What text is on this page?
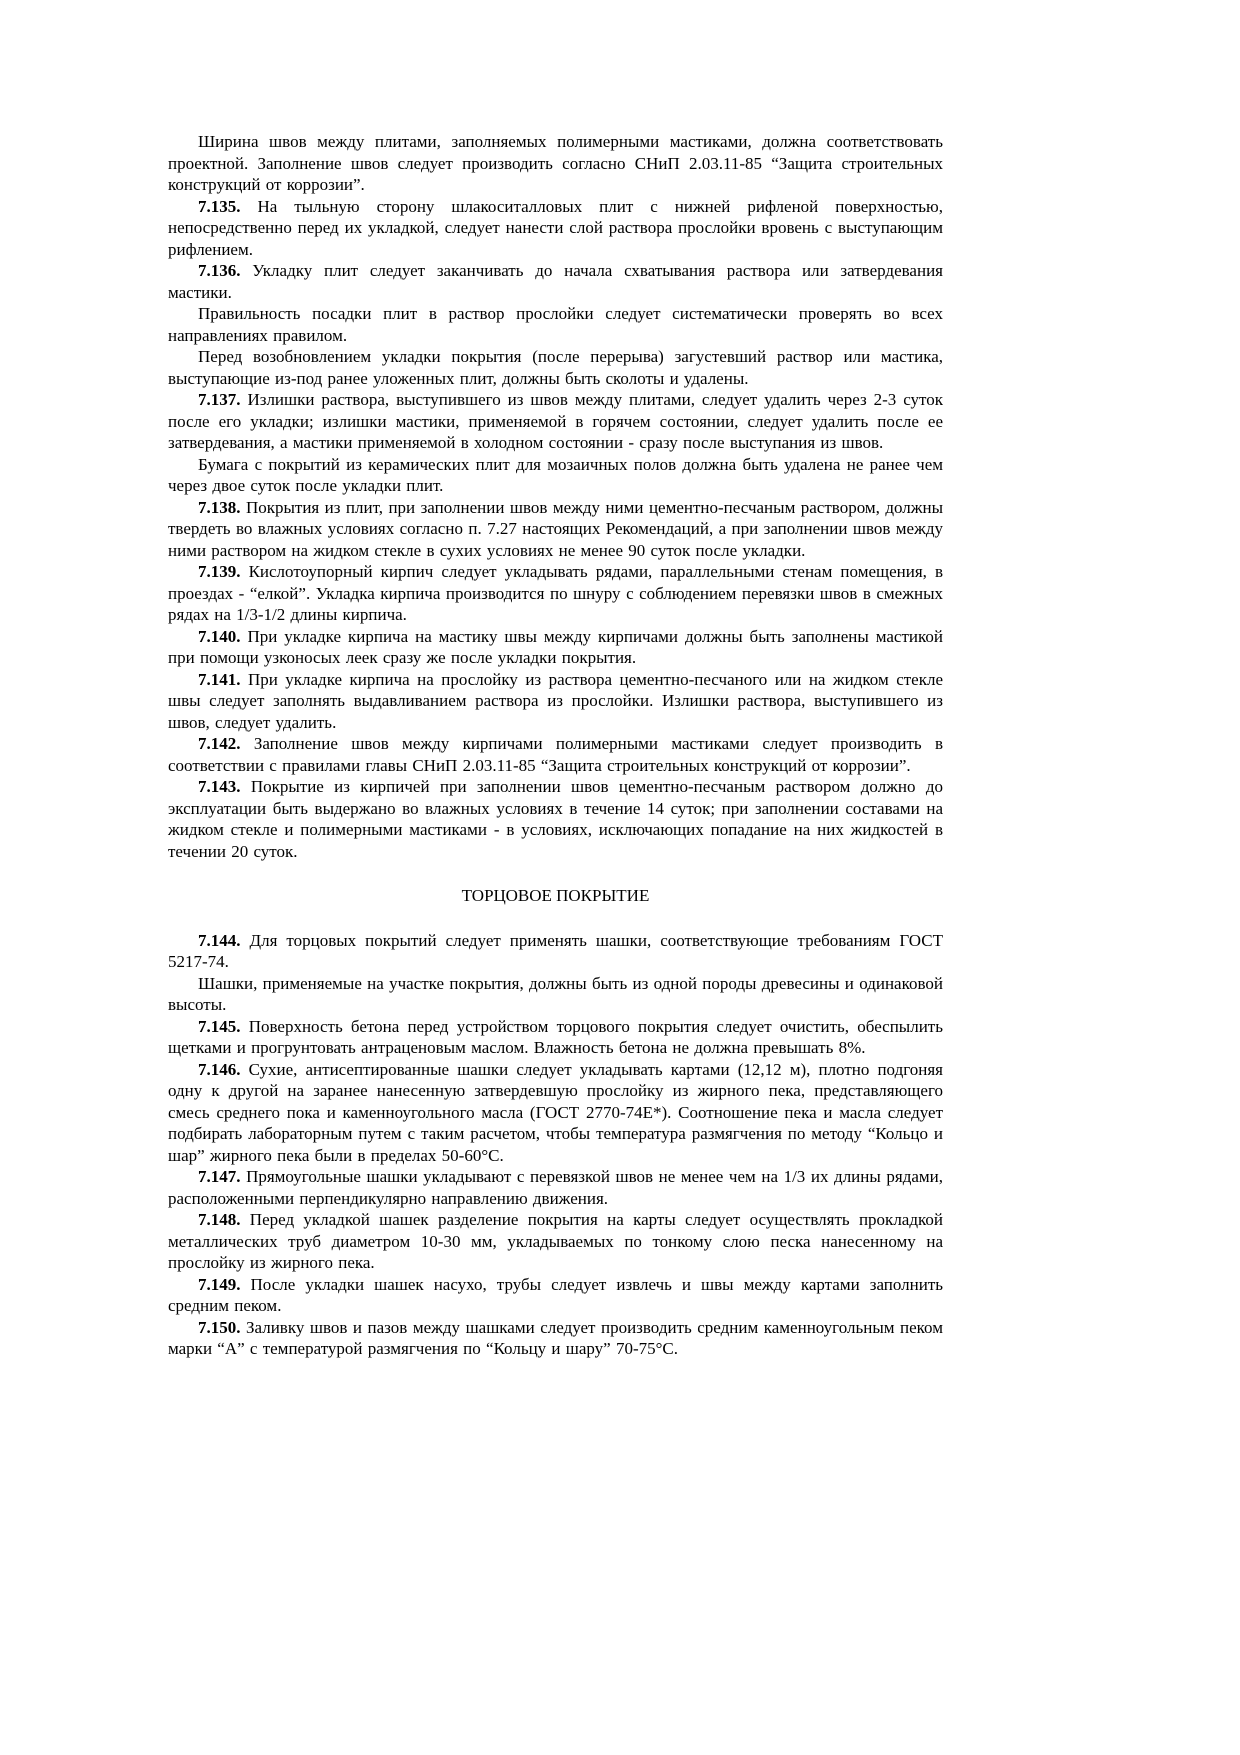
Ширина швов между плитами, заполняемых полимерными мастиками, должна соответствовать проектной. Заполнение швов следует производить согласно СНиП 2.03.11-85 “Защита строительных конструкций от коррозии”.

7.135. На тыльную сторону шлакоситалловых плит с нижней рифленой поверхностью, непосредственно перед их укладкой, следует нанести слой раствора прослойки вровень с выступающим рифлением.

7.136. Укладку плит следует заканчивать до начала схватывания раствора или затвердевания мастики.

Правильность посадки плит в раствор прослойки следует систематически проверять во всех направлениях правилом.

Перед возобновлением укладки покрытия (после перерыва) загустевший раствор или мастика, выступающие из-под ранее уложенных плит, должны быть сколоты и удалены.

7.137. Излишки раствора, выступившего из швов между плитами, следует удалить через 2-3 суток после его укладки; излишки мастики, применяемой в горячем состоянии, следует удалить после ее затвердевания, а мастики применяемой в холодном состоянии - сразу после выступания из швов.

Бумага с покрытий из керамических плит для мозаичных полов должна быть удалена не ранее чем через двое суток после укладки плит.

7.138. Покрытия из плит, при заполнении швов между ними цементно-песчаным раствором, должны твердеть во влажных условиях согласно п. 7.27 настоящих Рекомендаций, а при заполнении швов между ними раствором на жидком стекле в сухих условиях не менее 90 суток после укладки.

7.139. Кислотоупорный кирпич следует укладывать рядами, параллельными стенам помещения, в проездах - “елкой”. Укладка кирпича производится по шнуру с соблюдением перевязки швов в смежных рядах на 1/3-1/2 длины кирпича.

7.140. При укладке кирпича на мастику швы между кирпичами должны быть заполнены мастикой при помощи узконосых леек сразу же после укладки покрытия.

7.141. При укладке кирпича на прослойку из раствора цементно-песчаного или на жидком стекле швы следует заполнять выдавливанием раствора из прослойки. Излишки раствора, выступившего из швов, следует удалить.

7.142. Заполнение швов между кирпичами полимерными мастиками следует производить в соответствии с правилами главы СНиП 2.03.11-85 “Защита строительных конструкций от коррозии”.

7.143. Покрытие из кирпичей при заполнении швов цементно-песчаным раствором должно до эксплуатации быть выдержано во влажных условиях в течение 14 суток; при заполнении составами на жидком стекле и полимерными мастиками - в условиях, исключающих попадание на них жидкостей в течении 20 суток.

ТОРЦОВОЕ ПОКРЫТИЕ

7.144. Для торцовых покрытий следует применять шашки, соответствующие требованиям ГОСТ 5217-74.

Шашки, применяемые на участке покрытия, должны быть из одной породы древесины и одинаковой высоты.

7.145. Поверхность бетона перед устройством торцового покрытия следует очистить, обеспылить щетками и прогрунтовать антраценовым маслом. Влажность бетона не должна превышать 8%.

7.146. Сухие, антисептированные шашки следует укладывать картами (12,12 м), плотно подгоняя одну к другой на заранее нанесенную затвердевшую прослойку из жирного пека, представляющего смесь среднего пока и каменноугольного масла (ГОСТ 2770-74Е*). Соотношение пека и масла следует подбирать лабораторным путем с таким расчетом, чтобы температура размягчения по методу “Кольцо и шар” жирного пека были в пределах 50-60°С.

7.147. Прямоугольные шашки укладывают с перевязкой швов не менее чем на 1/3 их длины рядами, расположенными перпендикулярно направлению движения.

7.148. Перед укладкой шашек разделение покрытия на карты следует осуществлять прокладкой металлических труб диаметром 10-30 мм, укладываемых по тонкому слою песка нанесенному на прослойку из жирного пека.

7.149. После укладки шашек насухо, трубы следует извлечь и швы между картами заполнить средним пеком.

7.150. Заливку швов и пазов между шашками следует производить средним каменноугольным пеком марки “А” с температурой размягчения по “Кольцу и шару” 70-75°С.
